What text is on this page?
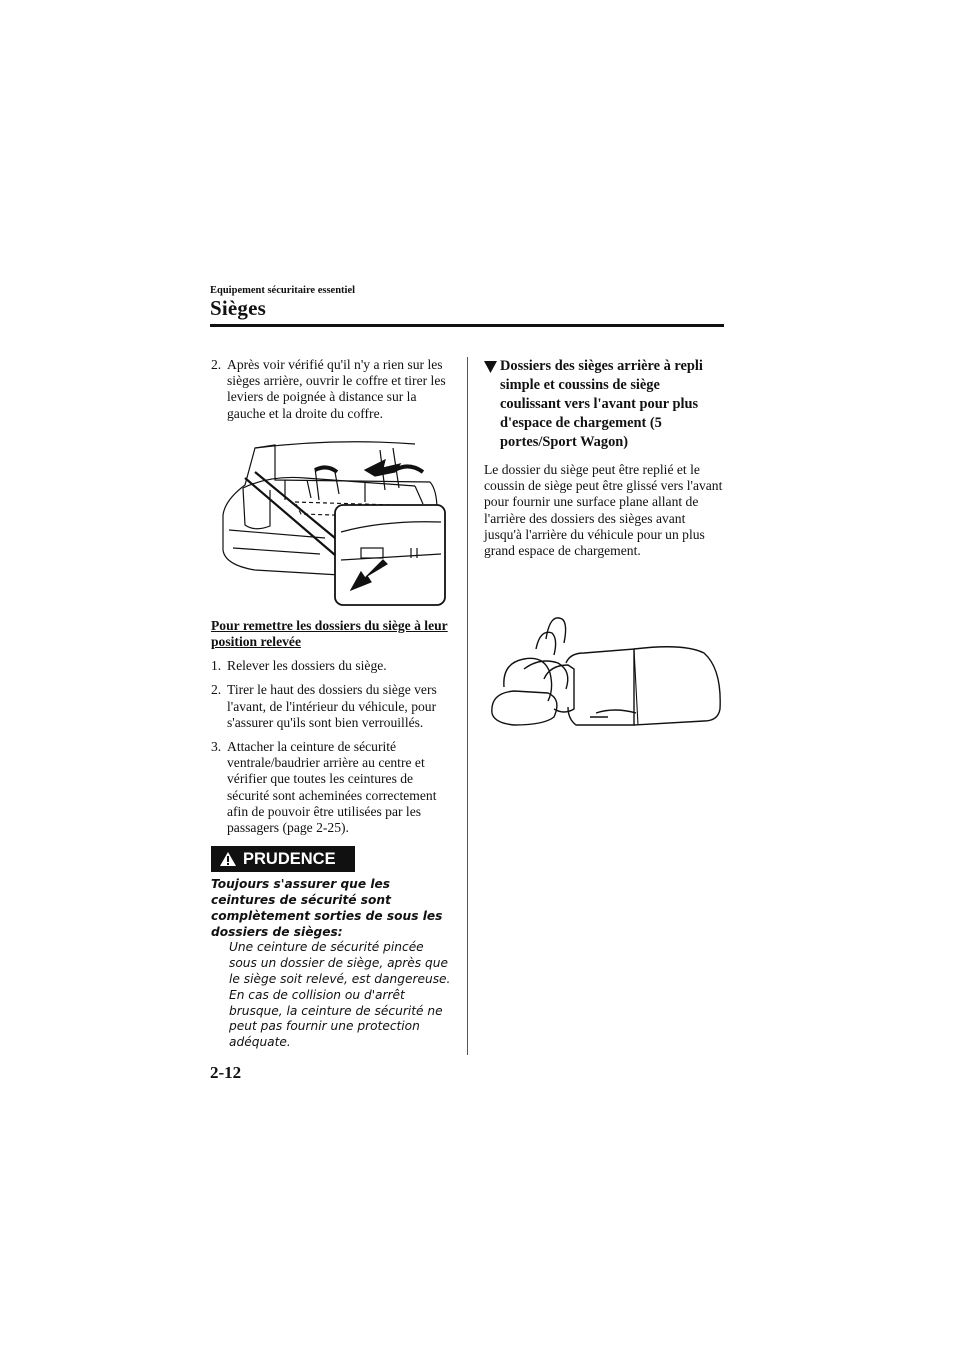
Equipement sécuritaire essentiel
Sièges
2. Après voir vérifié qu'il n'y a rien sur les sièges arrière, ouvrir le coffre et tirer les leviers de poignée à distance sur la gauche et la droite du coffre.
Pour remettre les dossiers du siège à leur position relevée
1. Relever les dossiers du siège.
2. Tirer le haut des dossiers du siège vers l'avant, de l'intérieur du véhicule, pour s'assurer qu'ils sont bien verrouillés.
3. Attacher la ceinture de sécurité ventrale/baudrier arrière au centre et vérifier que toutes les ceintures de sécurité sont acheminées correctement afin de pouvoir être utilisées par les passagers (page 2-25).
PRUDENCE
Toujours s'assurer que les ceintures de sécurité sont complètement sorties de sous les dossiers de sièges:
Une ceinture de sécurité pincée sous un dossier de siège, après que le siège soit relevé, est dangereuse. En cas de collision ou d'arrêt brusque, la ceinture de sécurité ne peut pas fournir une protection adéquate.
Dossiers des sièges arrière à repli simple et coussins de siège coulissant vers l'avant pour plus d'espace de chargement (5 portes/Sport Wagon)
Le dossier du siège peut être replié et le coussin de siège peut être glissé vers l'avant pour fournir une surface plane allant de l'arrière des dossiers des sièges avant jusqu'à l'arrière du véhicule pour un plus grand espace de chargement.
2-12
